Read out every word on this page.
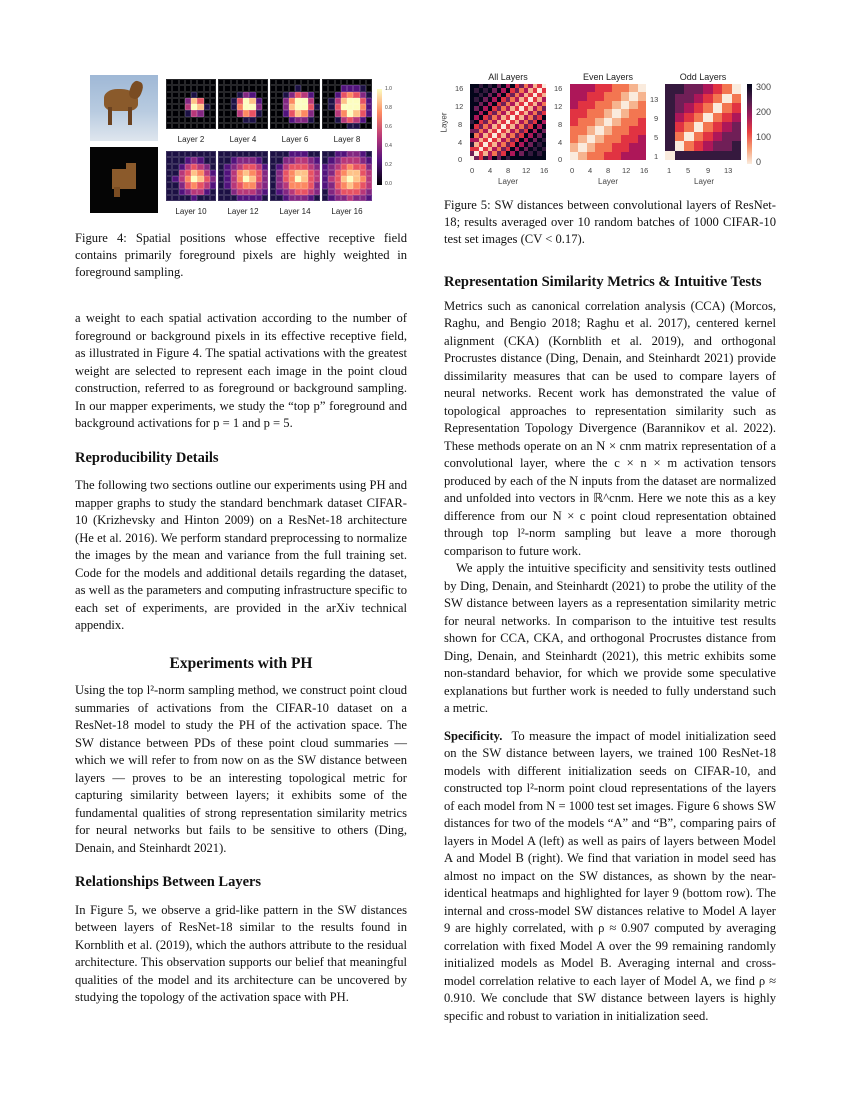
Layer 2	Layer 4	Layer 6	Layer 8
Layer 10	Layer 12	Layer 14	Layer 16
1.0
0.8
0.6
0.4
0.2
0.0
Figure 4: Spatial positions whose effective receptive field contains primarily foreground pixels are highly weighted in foreground sampling.
All Layers	Even Layers	Odd Layers
16
12
8
4
0
Layer
16
12
8
4
0
13
9
5
1
0 4 8 12 16
Layer
0 4 8 12 16
Layer
1 5 9 13
Layer
300
200
100
0
Figure 5: SW distances between convolutional layers of ResNet-18; results averaged over 10 random batches of 1000 CIFAR-10 test set images (CV < 0.17).

a weight to each spatial activation according to the number of foreground or background pixels in its effective receptive field, as illustrated in Figure 4. The spatial activations with the greatest weight are selected to represent each image in the point cloud construction, referred to as foreground or background sampling. In our mapper experiments, we study the “top p” foreground and background activations for p = 1 and p = 5.

Reproducibility Details

The following two sections outline our experiments using PH and mapper graphs to study the standard benchmark dataset CIFAR-10 (Krizhevsky and Hinton 2009) on a ResNet-18 architecture (He et al. 2016). We perform standard preprocessing to normalize the images by the mean and variance from the full training set. Code for the models and additional details regarding the dataset, as well as the parameters and computing infrastructure specific to each set of experiments, are provided in the arXiv technical appendix.

Experiments with PH

Using the top l²-norm sampling method, we construct point cloud summaries of activations from the CIFAR-10 dataset on a ResNet-18 model to study the PH of the activation space. The SW distance between PDs of these point cloud summaries — which we will refer to from now on as the SW distance between layers — proves to be an interesting topological metric for capturing similarity between layers; it exhibits some of the fundamental qualities of strong representation similarity metrics for neural networks but fails to be sensitive to others (Ding, Denain, and Steinhardt 2021).

Relationships Between Layers

In Figure 5, we observe a grid-like pattern in the SW distances between layers of ResNet-18 similar to the results found in Kornblith et al. (2019), which the authors attribute to the residual architecture. This observation supports our belief that meaningful qualities of the model and its architecture can be uncovered by studying the topology of the activation space with PH.

Representation Similarity Metrics & Intuitive Tests

Metrics such as canonical correlation analysis (CCA) (Morcos, Raghu, and Bengio 2018; Raghu et al. 2017), centered kernel alignment (CKA) (Kornblith et al. 2019), and orthogonal Procrustes distance (Ding, Denain, and Steinhardt 2021) provide dissimilarity measures that can be used to compare layers of neural networks. Recent work has demonstrated the value of topological approaches to representation similarity such as Representation Topology Divergence (Barannikov et al. 2022). These methods operate on an N × cnm matrix representation of a convolutional layer, where the c × n × m activation tensors produced by each of the N inputs from the dataset are normalized and unfolded into vectors in ℝ^cnm. Here we note this as a key difference from our N × c point cloud representation obtained through top l²-norm sampling but leave a more thorough comparison to future work.

We apply the intuitive specificity and sensitivity tests outlined by Ding, Denain, and Steinhardt (2021) to probe the utility of the SW distance between layers as a representation similarity metric for neural networks. In comparison to the intuitive test results shown for CCA, CKA, and orthogonal Procrustes distance from Ding, Denain, and Steinhardt (2021), this metric exhibits some non-standard behavior, for which we provide some speculative explanations but further work is needed to fully understand such a metric.

Specificity. To measure the impact of model initialization seed on the SW distance between layers, we trained 100 ResNet-18 models with different initialization seeds on CIFAR-10, and constructed top l²-norm point cloud representations of the layers of each model from N = 1000 test set images. Figure 6 shows SW distances for two of the models “A” and “B”, comparing pairs of layers in Model A (left) as well as pairs of layers between Model A and Model B (right). We find that variation in model seed has almost no impact on the SW distances, as shown by the near-identical heatmaps and highlighted for layer 9 (bottom row). The internal and cross-model SW distances relative to Model A layer 9 are highly correlated, with ρ ≈ 0.907 computed by averaging correlation with fixed Model A over the 99 remaining randomly initialized models as Model B. Averaging internal and cross-model correlation relative to each layer of Model A, we find ρ ≈ 0.910. We conclude that SW distance between layers is highly specific and robust to variation in initialization seed.
